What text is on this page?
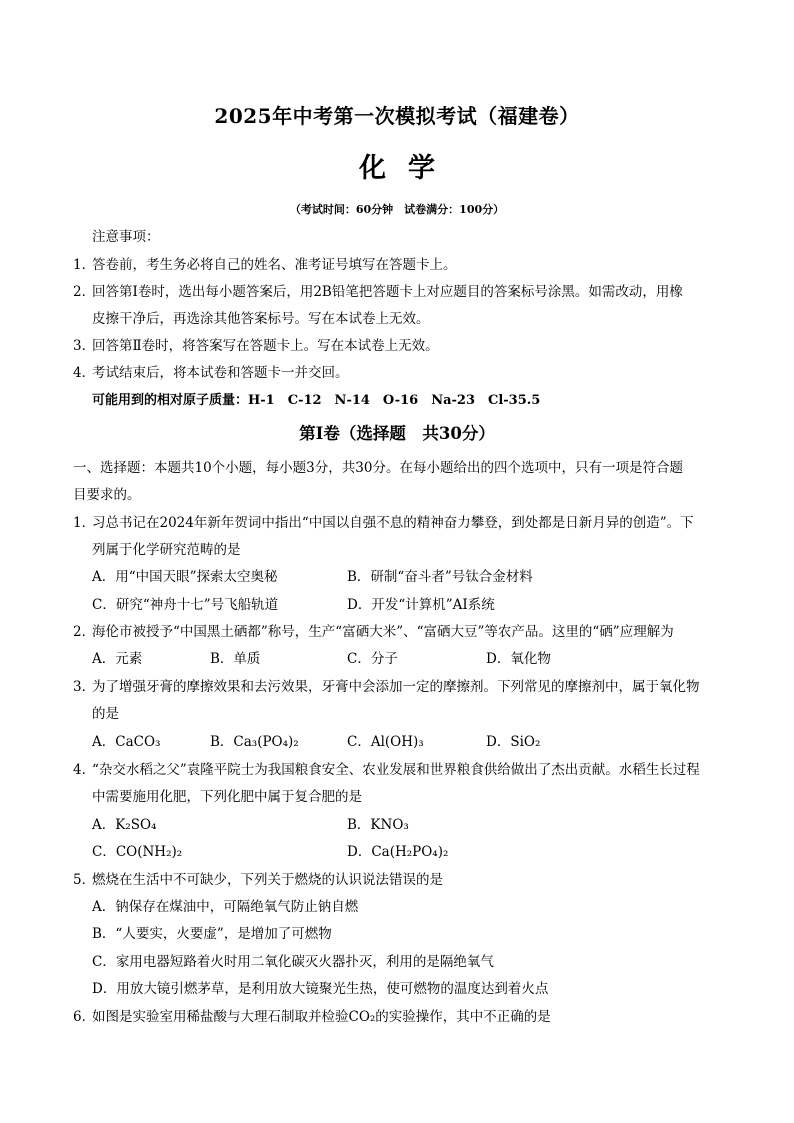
2025年中考第一次模拟考试（福建卷）
化学
（考试时间：60分钟　试卷满分：100分）
注意事项：
1．
答卷前，考生务必将自己的姓名、准考证号填写在答题卡上。
2．
回答第Ⅰ卷时，选出每小题答案后，用2B铅笔把答题卡上对应题目的答案标号涂黑。如需改动，用橡
皮擦干净后，再选涂其他答案标号。写在本试卷上无效。
3．
回答第Ⅱ卷时，将答案写在答题卡上。写在本试卷上无效。
4．
考试结束后，将本试卷和答题卡一并交回。
可能用到的相对原子质量：H-1　C-12　N-14　O-16　Na-23　Cl-35.5
第Ⅰ卷（选择题　共30分）
一、选择题：本题共10个小题，每小题3分，共30分。在每小题给出的四个选项中，只有一项是符合题
目要求的。
1．
习总书记在2024年新年贺词中指出“中国以自强不息的精神奋力攀登，到处都是日新月异的创造”。下
列属于化学研究范畴的是
A．用“中国天眼”探索太空奥秘	B．研制“奋斗者”号钛合金材料
C．研究“神舟十七”号飞船轨道	D．开发“计算机”AI系统
2．
海伦市被授予“中国黑土硒都”称号，生产“富硒大米”、“富硒大豆”等农产品。这里的“硒”应理解为
A．元素	B．单质	C．分子	D．氧化物
3．
为了增强牙膏的摩擦效果和去污效果，牙膏中会添加一定的摩擦剂。下列常见的摩擦剂中，属于氧化物
的是
A．CaCO₃	B．Ca₃(PO₄)₂	C．Al(OH)₃	D．SiO₂
4．
“杂交水稻之父”袁隆平院士为我国粮食安全、农业发展和世界粮食供给做出了杰出贡献。水稻生长过程
中需要施用化肥，下列化肥中属于复合肥的是
A．K₂SO₄	B．KNO₃
C．CO(NH₂)₂	D．Ca(H₂PO₄)₂
5．
燃烧在生活中不可缺少，下列关于燃烧的认识说法错误的是
A．钠保存在煤油中，可隔绝氧气防止钠自燃
B．“人要实，火要虚”，是增加了可燃物
C．家用电器短路着火时用二氧化碳灭火器扑灭，利用的是隔绝氧气
D．用放大镜引燃茅草，是利用放大镜聚光生热，使可燃物的温度达到着火点
6．
如图是实验室用稀盐酸与大理石制取并检验CO₂的实验操作，其中不正确的是
